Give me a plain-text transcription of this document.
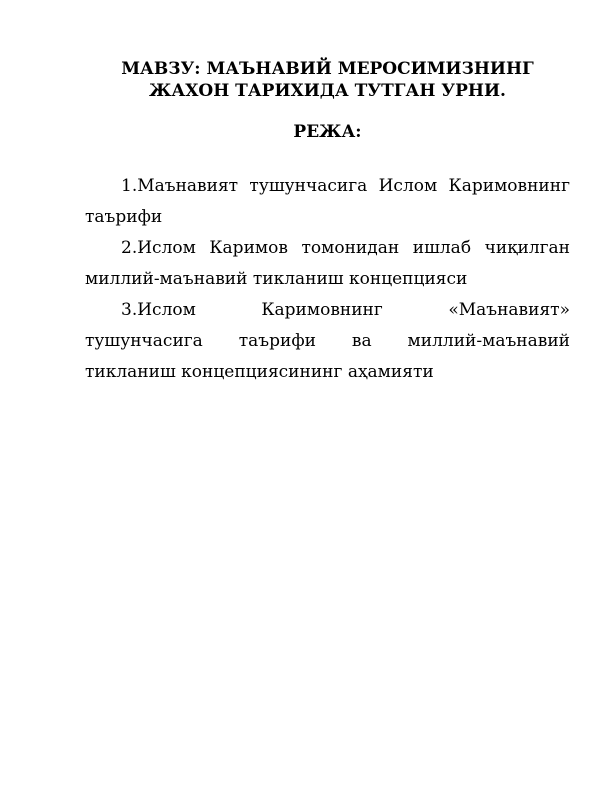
МАВЗУ: МАЪНАВИЙ МЕРОСИМИЗНИНГ
ЖАХОН ТАРИХИДА ТУТГАН УРНИ.
РЕЖА:
1.Маънавият тушунчасига Ислом Каримовнинг таърифи
2.Ислом Каримов томонидан ишлаб чиқилган миллий-маънавий тикланиш концепцияси
3.Ислом Каримовнинг «Маънавият» тушунчасига таърифи ва миллий-маънавий тикланиш концепциясининг аҳамияти
